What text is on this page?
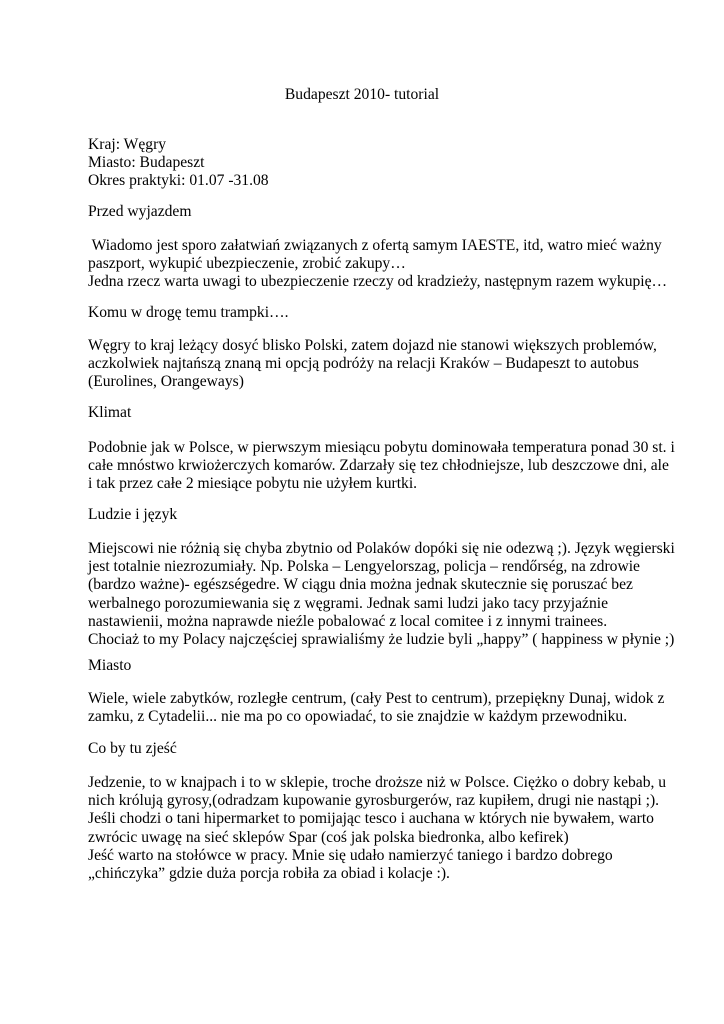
Budapeszt 2010- tutorial
Kraj: Węgry
Miasto: Budapeszt
Okres praktyki: 01.07 -31.08
Przed wyjazdem
Wiadomo jest sporo załatwiań związanych z ofertą samym IAESTE, itd, watro mieć ważny
paszport, wykupić ubezpieczenie, zrobić zakupy…
Jedna rzecz warta uwagi to ubezpieczenie rzeczy od kradzieży, następnym razem wykupię…
Komu w drogę temu trampki….
Węgry to kraj leżący dosyć blisko Polski, zatem dojazd nie stanowi większych problemów,
aczkolwiek najtańszą znaną mi opcją podróży na relacji Kraków – Budapeszt to autobus
(Eurolines, Orangeways)
Klimat
Podobnie jak w Polsce, w pierwszym miesiącu pobytu dominowała temperatura ponad 30 st. i
całe mnóstwo krwiożerczych komarów. Zdarzały się tez chłodniejsze, lub deszczowe dni, ale
i tak przez całe 2 miesiące pobytu nie użyłem kurtki.
Ludzie i język
Miejscowi nie różnią się chyba zbytnio od Polaków dopóki się nie odezwą ;). Język węgierski
jest totalnie niezrozumiały. Np. Polska – Lengyelorszag, policja – rendőrség, na zdrowie
(bardzo ważne)- egészségedre. W ciągu dnia można jednak skutecznie się poruszać bez
werbalnego porozumiewania się z węgrami. Jednak sami ludzi jako tacy przyjaźnie
nastawienii, można naprawde nieźle pobalować z local comitee i z innymi trainees.
Chociaż to my Polacy najczęściej sprawialiśmy że ludzie byli „happy” ( happiness w płynie ;)
Miasto
Wiele, wiele zabytków, rozległe centrum, (cały Pest to centrum), przepiękny Dunaj, widok z
zamku, z Cytadelii... nie ma po co opowiadać, to sie znajdzie w każdym przewodniku.
Co by tu zjeść
Jedzenie, to w knajpach i to w sklepie, troche droższe niż w Polsce. Ciężko o dobry kebab, u
nich królują gyrosy,(odradzam kupowanie gyrosburgerów, raz kupiłem, drugi nie nastąpi ;).
Jeśli chodzi o tani hipermarket to pomijając tesco i auchana w których nie bywałem, warto
zwrócic uwagę na sieć sklepów Spar (coś jak polska biedronka, albo kefirek)
Jeść warto na stołówce w pracy. Mnie się udało namierzyć taniego i bardzo dobrego
„chińczyka” gdzie duża porcja robiła za obiad i kolacje :).
